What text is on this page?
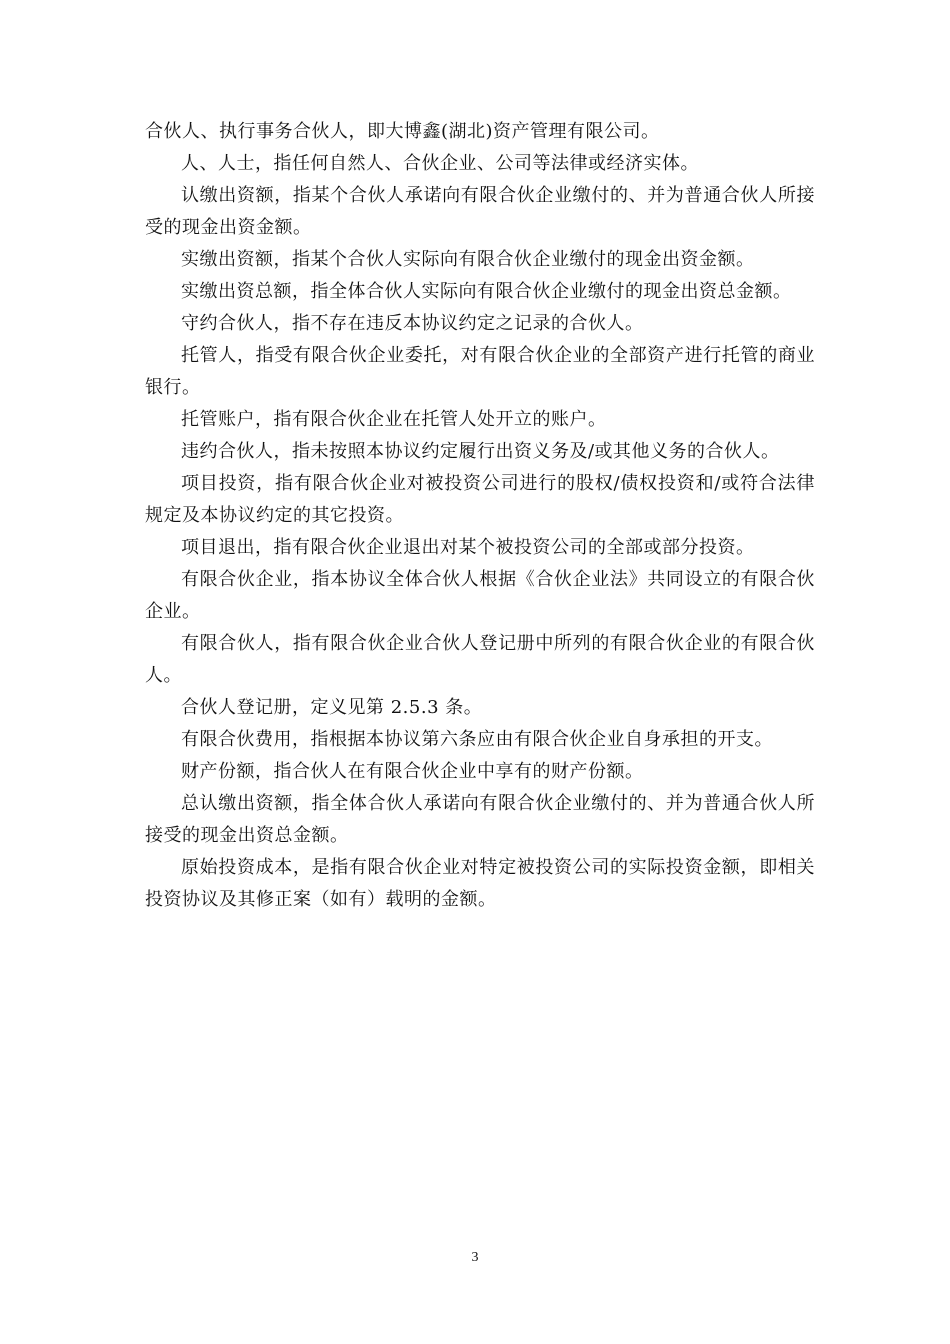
合伙人、执行事务合伙人，即大博鑫(湖北)资产管理有限公司。

人、人士，指任何自然人、合伙企业、公司等法律或经济实体。

认缴出资额，指某个合伙人承诺向有限合伙企业缴付的、并为普通合伙人所接受的现金出资金额。

实缴出资额，指某个合伙人实际向有限合伙企业缴付的现金出资金额。

实缴出资总额，指全体合伙人实际向有限合伙企业缴付的现金出资总金额。

守约合伙人，指不存在违反本协议约定之记录的合伙人。

托管人，指受有限合伙企业委托，对有限合伙企业的全部资产进行托管的商业银行。

托管账户，指有限合伙企业在托管人处开立的账户。

违约合伙人，指未按照本协议约定履行出资义务及/或其他义务的合伙人。

项目投资，指有限合伙企业对被投资公司进行的股权/债权投资和/或符合法律规定及本协议约定的其它投资。

项目退出，指有限合伙企业退出对某个被投资公司的全部或部分投资。

有限合伙企业，指本协议全体合伙人根据《合伙企业法》共同设立的有限合伙企业。

有限合伙人，指有限合伙企业合伙人登记册中所列的有限合伙企业的有限合伙人。

合伙人登记册，定义见第 2.5.3 条。

有限合伙费用，指根据本协议第六条应由有限合伙企业自身承担的开支。

财产份额，指合伙人在有限合伙企业中享有的财产份额。

总认缴出资额，指全体合伙人承诺向有限合伙企业缴付的、并为普通合伙人所接受的现金出资总金额。

原始投资成本，是指有限合伙企业对特定被投资公司的实际投资金额，即相关投资协议及其修正案（如有）载明的金额。

3
